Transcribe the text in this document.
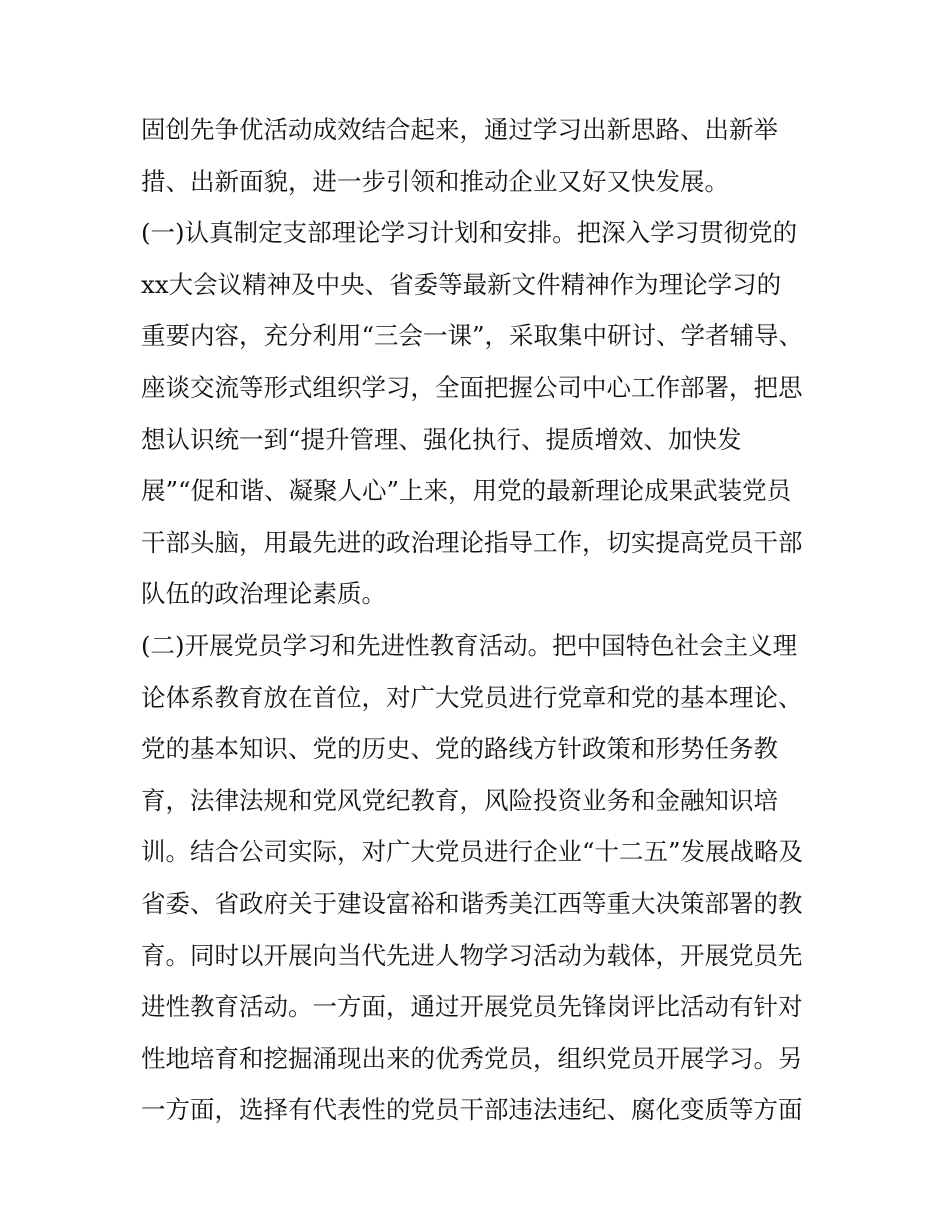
固创先争优活动成效结合起来，通过学习出新思路、出新举
措、出新面貌，进一步引领和推动企业又好又快发展。
(一)认真制定支部理论学习计划和安排。把深入学习贯彻党的
xx大会议精神及中央、省委等最新文件精神作为理论学习的
重要内容，充分利用“三会一课”，采取集中研讨、学者辅导、
座谈交流等形式组织学习，全面把握公司中心工作部署，把思
想认识统一到“提升管理、强化执行、提质增效、加快发
展”“促和谐、凝聚人心”上来，用党的最新理论成果武装党员
干部头脑，用最先进的政治理论指导工作，切实提高党员干部
队伍的政治理论素质。
(二)开展党员学习和先进性教育活动。把中国特色社会主义理
论体系教育放在首位，对广大党员进行党章和党的基本理论、
党的基本知识、党的历史、党的路线方针政策和形势任务教
育，法律法规和党风党纪教育，风险投资业务和金融知识培
训。结合公司实际，对广大党员进行企业“十二五”发展战略及
省委、省政府关于建设富裕和谐秀美江西等重大决策部署的教
育。同时以开展向当代先进人物学习活动为载体，开展党员先
进性教育活动。一方面，通过开展党员先锋岗评比活动有针对
性地培育和挖掘涌现出来的优秀党员，组织党员开展学习。另
一方面，选择有代表性的党员干部违法违纪、腐化变质等方面
